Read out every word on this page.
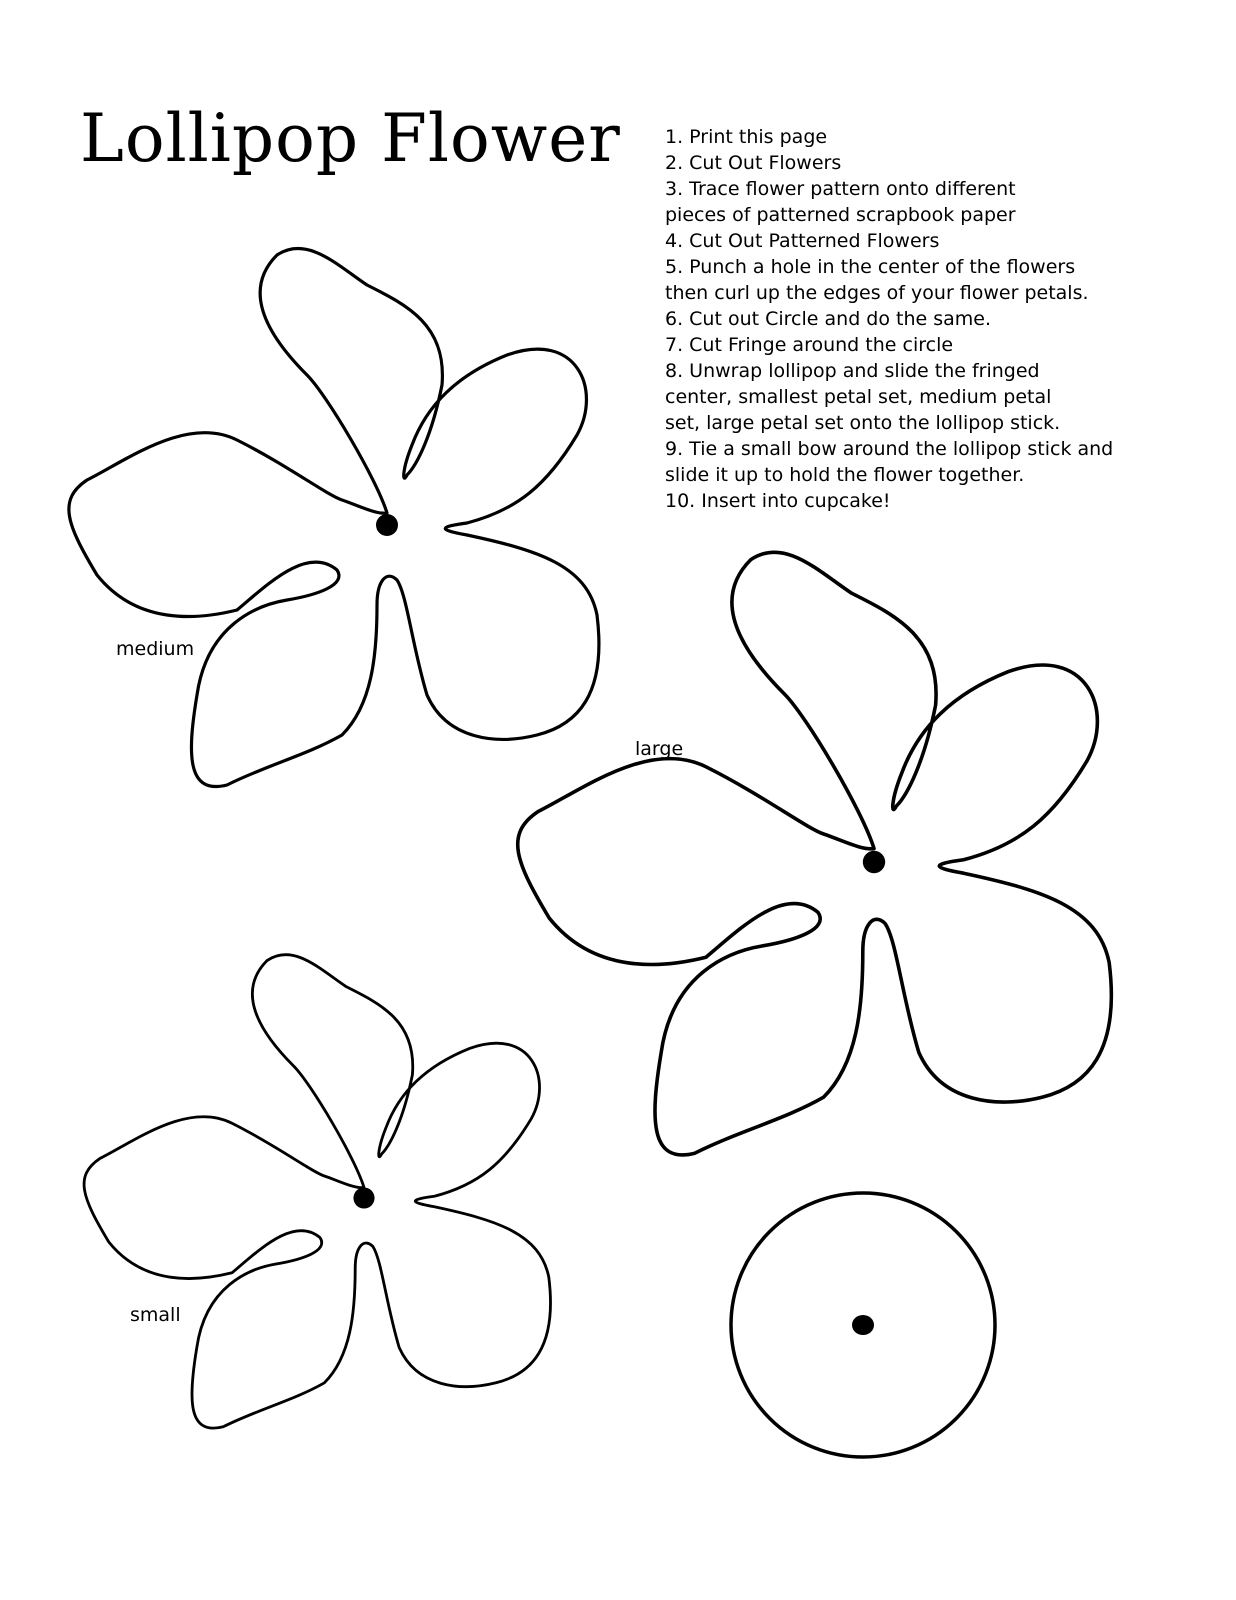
Lollipop Flower 1. Print this page
2. Cut Out Flowers
3. Trace flower pattern onto different
pieces of patterned scrapbook paper
4. Cut Out Patterned Flowers
5. Punch a hole in the center of the flowers
then curl up the edges of your flower petals.
6. Cut out Circle and do the same.
7. Cut Fringe around the circle
8. Unwrap lollipop and slide the fringed
center, smallest petal set, medium petal
set, large petal set onto the lollipop stick.
9. Tie a small bow around the lollipop stick and
slide it up to hold the flower together.
10. Insert into cupcake!
medium
large
small
